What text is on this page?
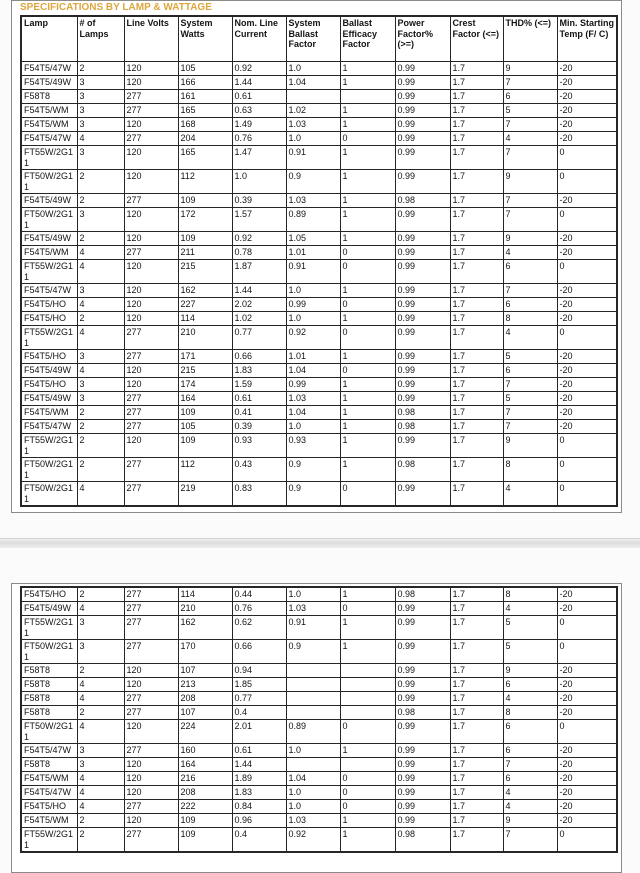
SPECIFICATIONS BY LAMP & WATTAGE
Lamp	# of Lamps	Line Volts	System Watts	Nom. Line Current	System Ballast Factor	Ballast Efficacy Factor	Power Factor% (>=)	Crest Factor (<=)	THD% (<=)	Min. Starting Temp (F/ C)
F54T5/47W	2	120	105	0.92	1.0	1	0.99	1.7	9	-20
F54T5/49W	3	120	166	1.44	1.04	1	0.99	1.7	7	-20
F58T8	3	277	161	0.61			0.99	1.7	6	-20
F54T5/WM	3	277	165	0.63	1.02	1	0.99	1.7	5	-20
F54T5/WM	3	120	168	1.49	1.03	1	0.99	1.7	7	-20
F54T5/47W	4	277	204	0.76	1.0	0	0.99	1.7	4	-20
FT55W/2G11	3	120	165	1.47	0.91	1	0.99	1.7	7	0
FT50W/2G11	2	120	112	1.0	0.9	1	0.99	1.7	9	0
F54T5/49W	2	277	109	0.39	1.03	1	0.98	1.7	7	-20
FT50W/2G11	3	120	172	1.57	0.89	1	0.99	1.7	7	0
F54T5/49W	2	120	109	0.92	1.05	1	0.99	1.7	9	-20
F54T5/WM	4	277	211	0.78	1.01	0	0.99	1.7	4	-20
FT55W/2G11	4	120	215	1.87	0.91	0	0.99	1.7	6	0
F54T5/47W	3	120	162	1.44	1.0	1	0.99	1.7	7	-20
F54T5/HO	4	120	227	2.02	0.99	0	0.99	1.7	6	-20
F54T5/HO	2	120	114	1.02	1.0	1	0.99	1.7	8	-20
FT55W/2G11	4	277	210	0.77	0.92	0	0.99	1.7	4	0
F54T5/HO	3	277	171	0.66	1.01	1	0.99	1.7	5	-20
F54T5/49W	4	120	215	1.83	1.04	0	0.99	1.7	6	-20
F54T5/HO	3	120	174	1.59	0.99	1	0.99	1.7	7	-20
F54T5/49W	3	277	164	0.61	1.03	1	0.99	1.7	5	-20
F54T5/WM	2	277	109	0.41	1.04	1	0.98	1.7	7	-20
F54T5/47W	2	277	105	0.39	1.0	1	0.98	1.7	7	-20
FT55W/2G11	2	120	109	0.93	0.93	1	0.99	1.7	9	0
FT50W/2G11	2	277	112	0.43	0.9	1	0.98	1.7	8	0
FT50W/2G11	4	277	219	0.83	0.9	0	0.99	1.7	4	0
F54T5/HO	2	277	114	0.44	1.0	1	0.98	1.7	8	-20
F54T5/49W	4	277	210	0.76	1.03	0	0.99	1.7	4	-20
FT55W/2G11	3	277	162	0.62	0.91	1	0.99	1.7	5	0
FT50W/2G11	3	277	170	0.66	0.9	1	0.99	1.7	5	0
F58T8	2	120	107	0.94			0.99	1.7	9	-20
F58T8	4	120	213	1.85			0.99	1.7	6	-20
F58T8	4	277	208	0.77			0.99	1.7	4	-20
F58T8	2	277	107	0.4			0.98	1.7	8	-20
FT50W/2G11	4	120	224	2.01	0.89	0	0.99	1.7	6	0
F54T5/47W	3	277	160	0.61	1.0	1	0.99	1.7	6	-20
F58T8	3	120	164	1.44			0.99	1.7	7	-20
F54T5/WM	4	120	216	1.89	1.04	0	0.99	1.7	6	-20
F54T5/47W	4	120	208	1.83	1.0	0	0.99	1.7	4	-20
F54T5/HO	4	277	222	0.84	1.0	0	0.99	1.7	4	-20
F54T5/WM	2	120	109	0.96	1.03	1	0.99	1.7	9	-20
FT55W/2G11	2	277	109	0.4	0.92	1	0.98	1.7	7	0
